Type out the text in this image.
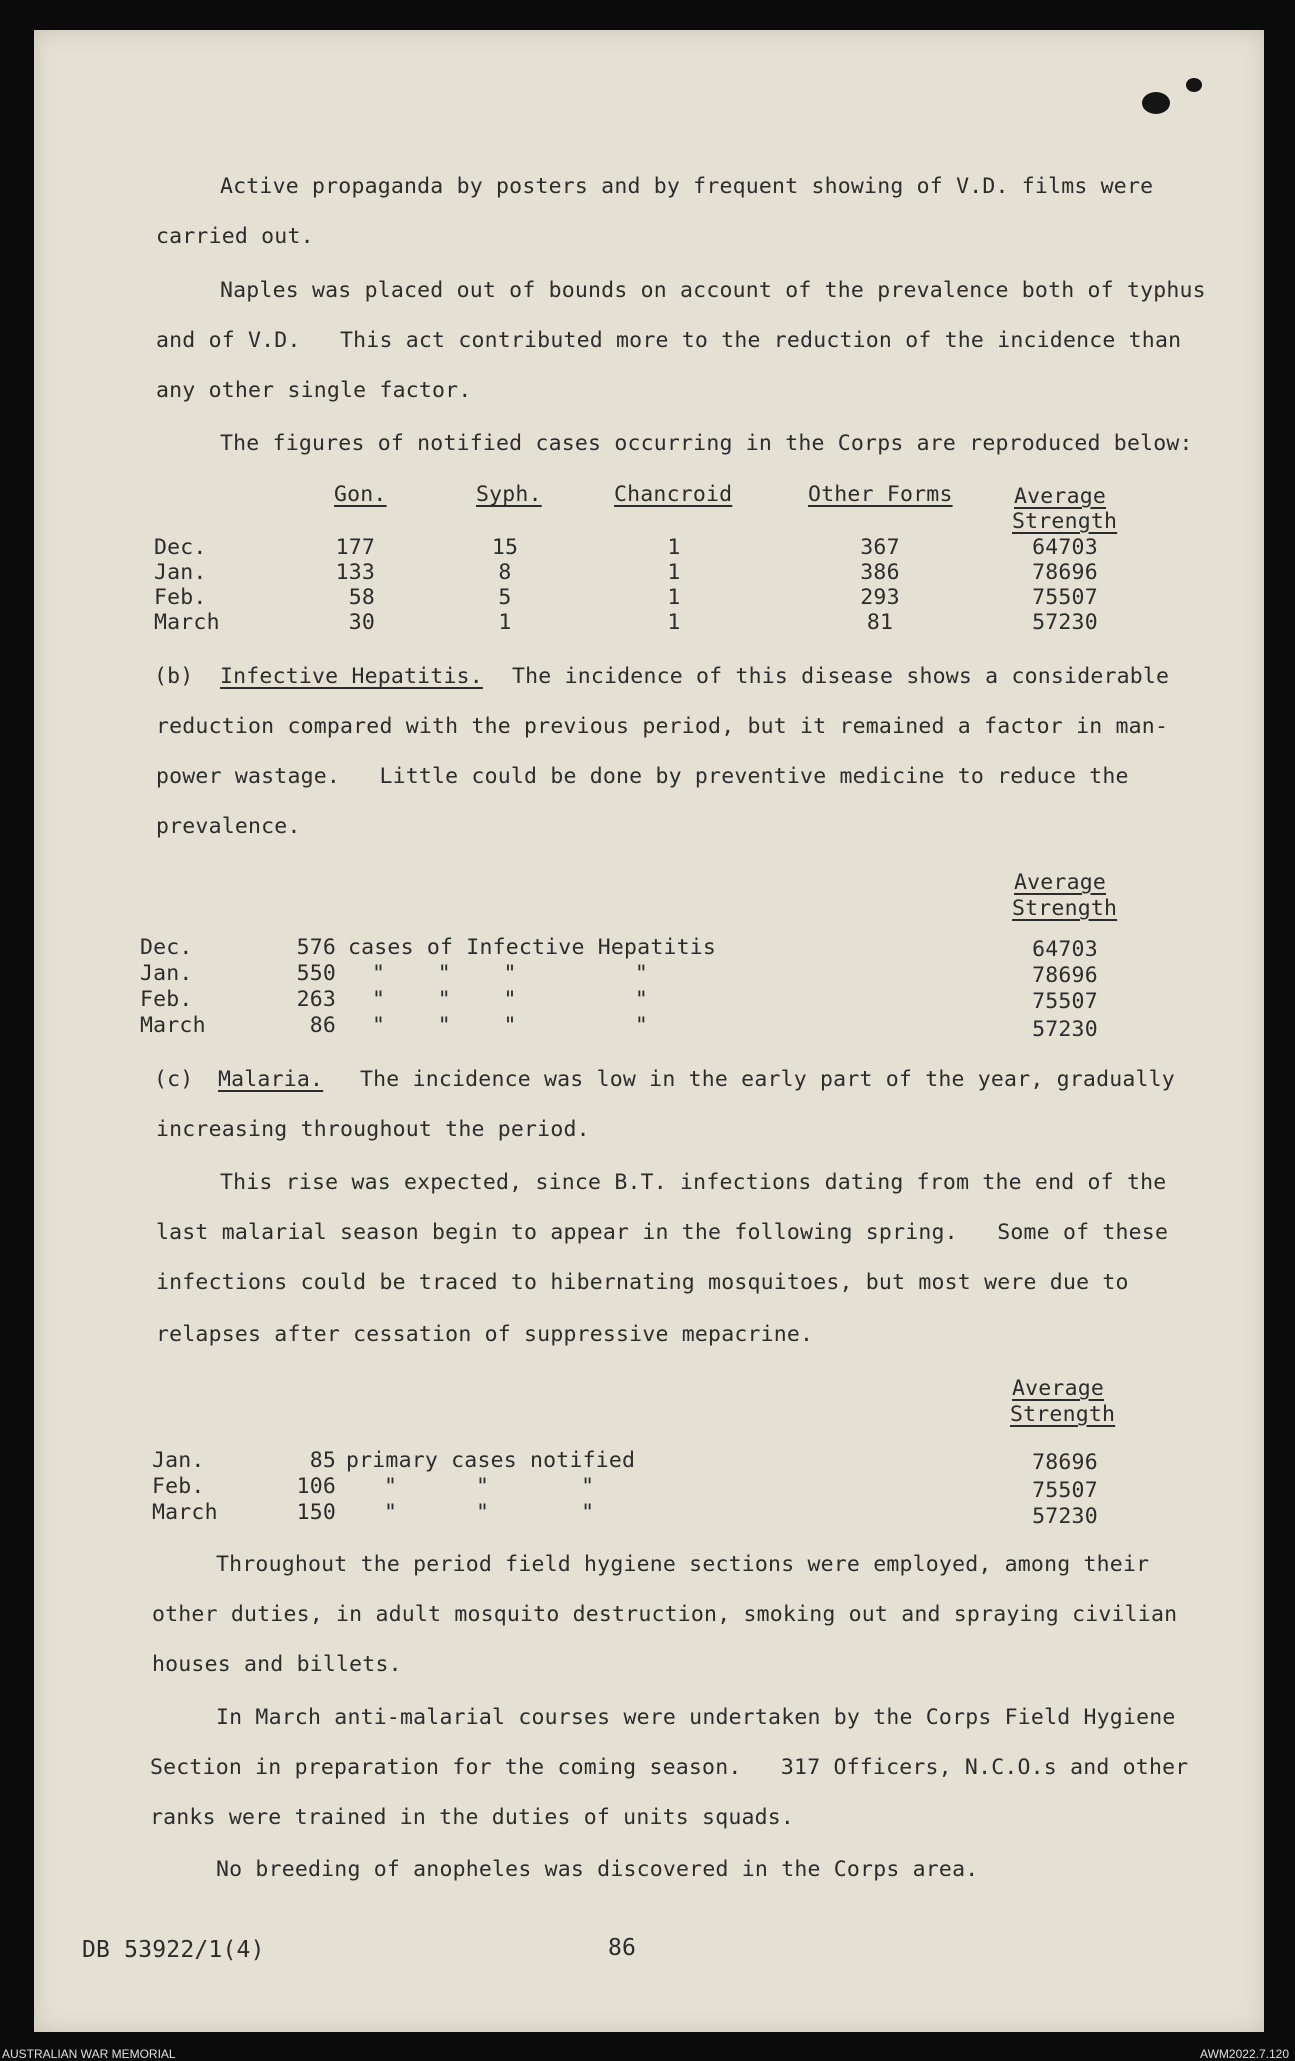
Active propaganda by posters and by frequent showing of V.D. films were
carried out.
Naples was placed out of bounds on account of the prevalence both of typhus
and of V.D.   This act contributed more to the reduction of the incidence than
any other single factor.
The figures of notified cases occurring in the Corps are reproduced below:
Gon.	Syph.	Chancroid	Other Forms	Average
Strength
Dec.	177	15	1	367	64703
Jan.	133	8	1	386	78696
Feb.	58	5	1	293	75507
March	30	1	1	81	57230
(b) Infective Hepatitis. The incidence of this disease shows a considerable
reduction compared with the previous period, but it remained a factor in man-
power wastage.   Little could be done by preventive medicine to reduce the
prevalence.
Average
Strength
Dec.	576 cases of Infective Hepatitis	64703
Jan.	550 "    "    "         "	78696
Feb.	263 "    "    "         "	75507
March	86 "    "    "         "	57230
(c) Malaria. The incidence was low in the early part of the year, gradually
increasing throughout the period.
This rise was expected, since B.T. infections dating from the end of the
last malarial season begin to appear in the following spring.   Some of these
infections could be traced to hibernating mosquitoes, but most were due to
relapses after cessation of suppressive mepacrine.
Average
Strength
Jan.	85 primary cases notified	78696
Feb.	106 "      "       "	75507
March	150 "      "       "	57230
Throughout the period field hygiene sections were employed, among their
other duties, in adult mosquito destruction, smoking out and spraying civilian
houses and billets.
In March anti-malarial courses were undertaken by the Corps Field Hygiene
Section in preparation for the coming season.   317 Officers, N.C.O.s and other
ranks were trained in the duties of units squads.
No breeding of anopheles was discovered in the Corps area.
DB 53922/1(4)	86
AUSTRALIAN WAR MEMORIAL	AWM2022.7.120
